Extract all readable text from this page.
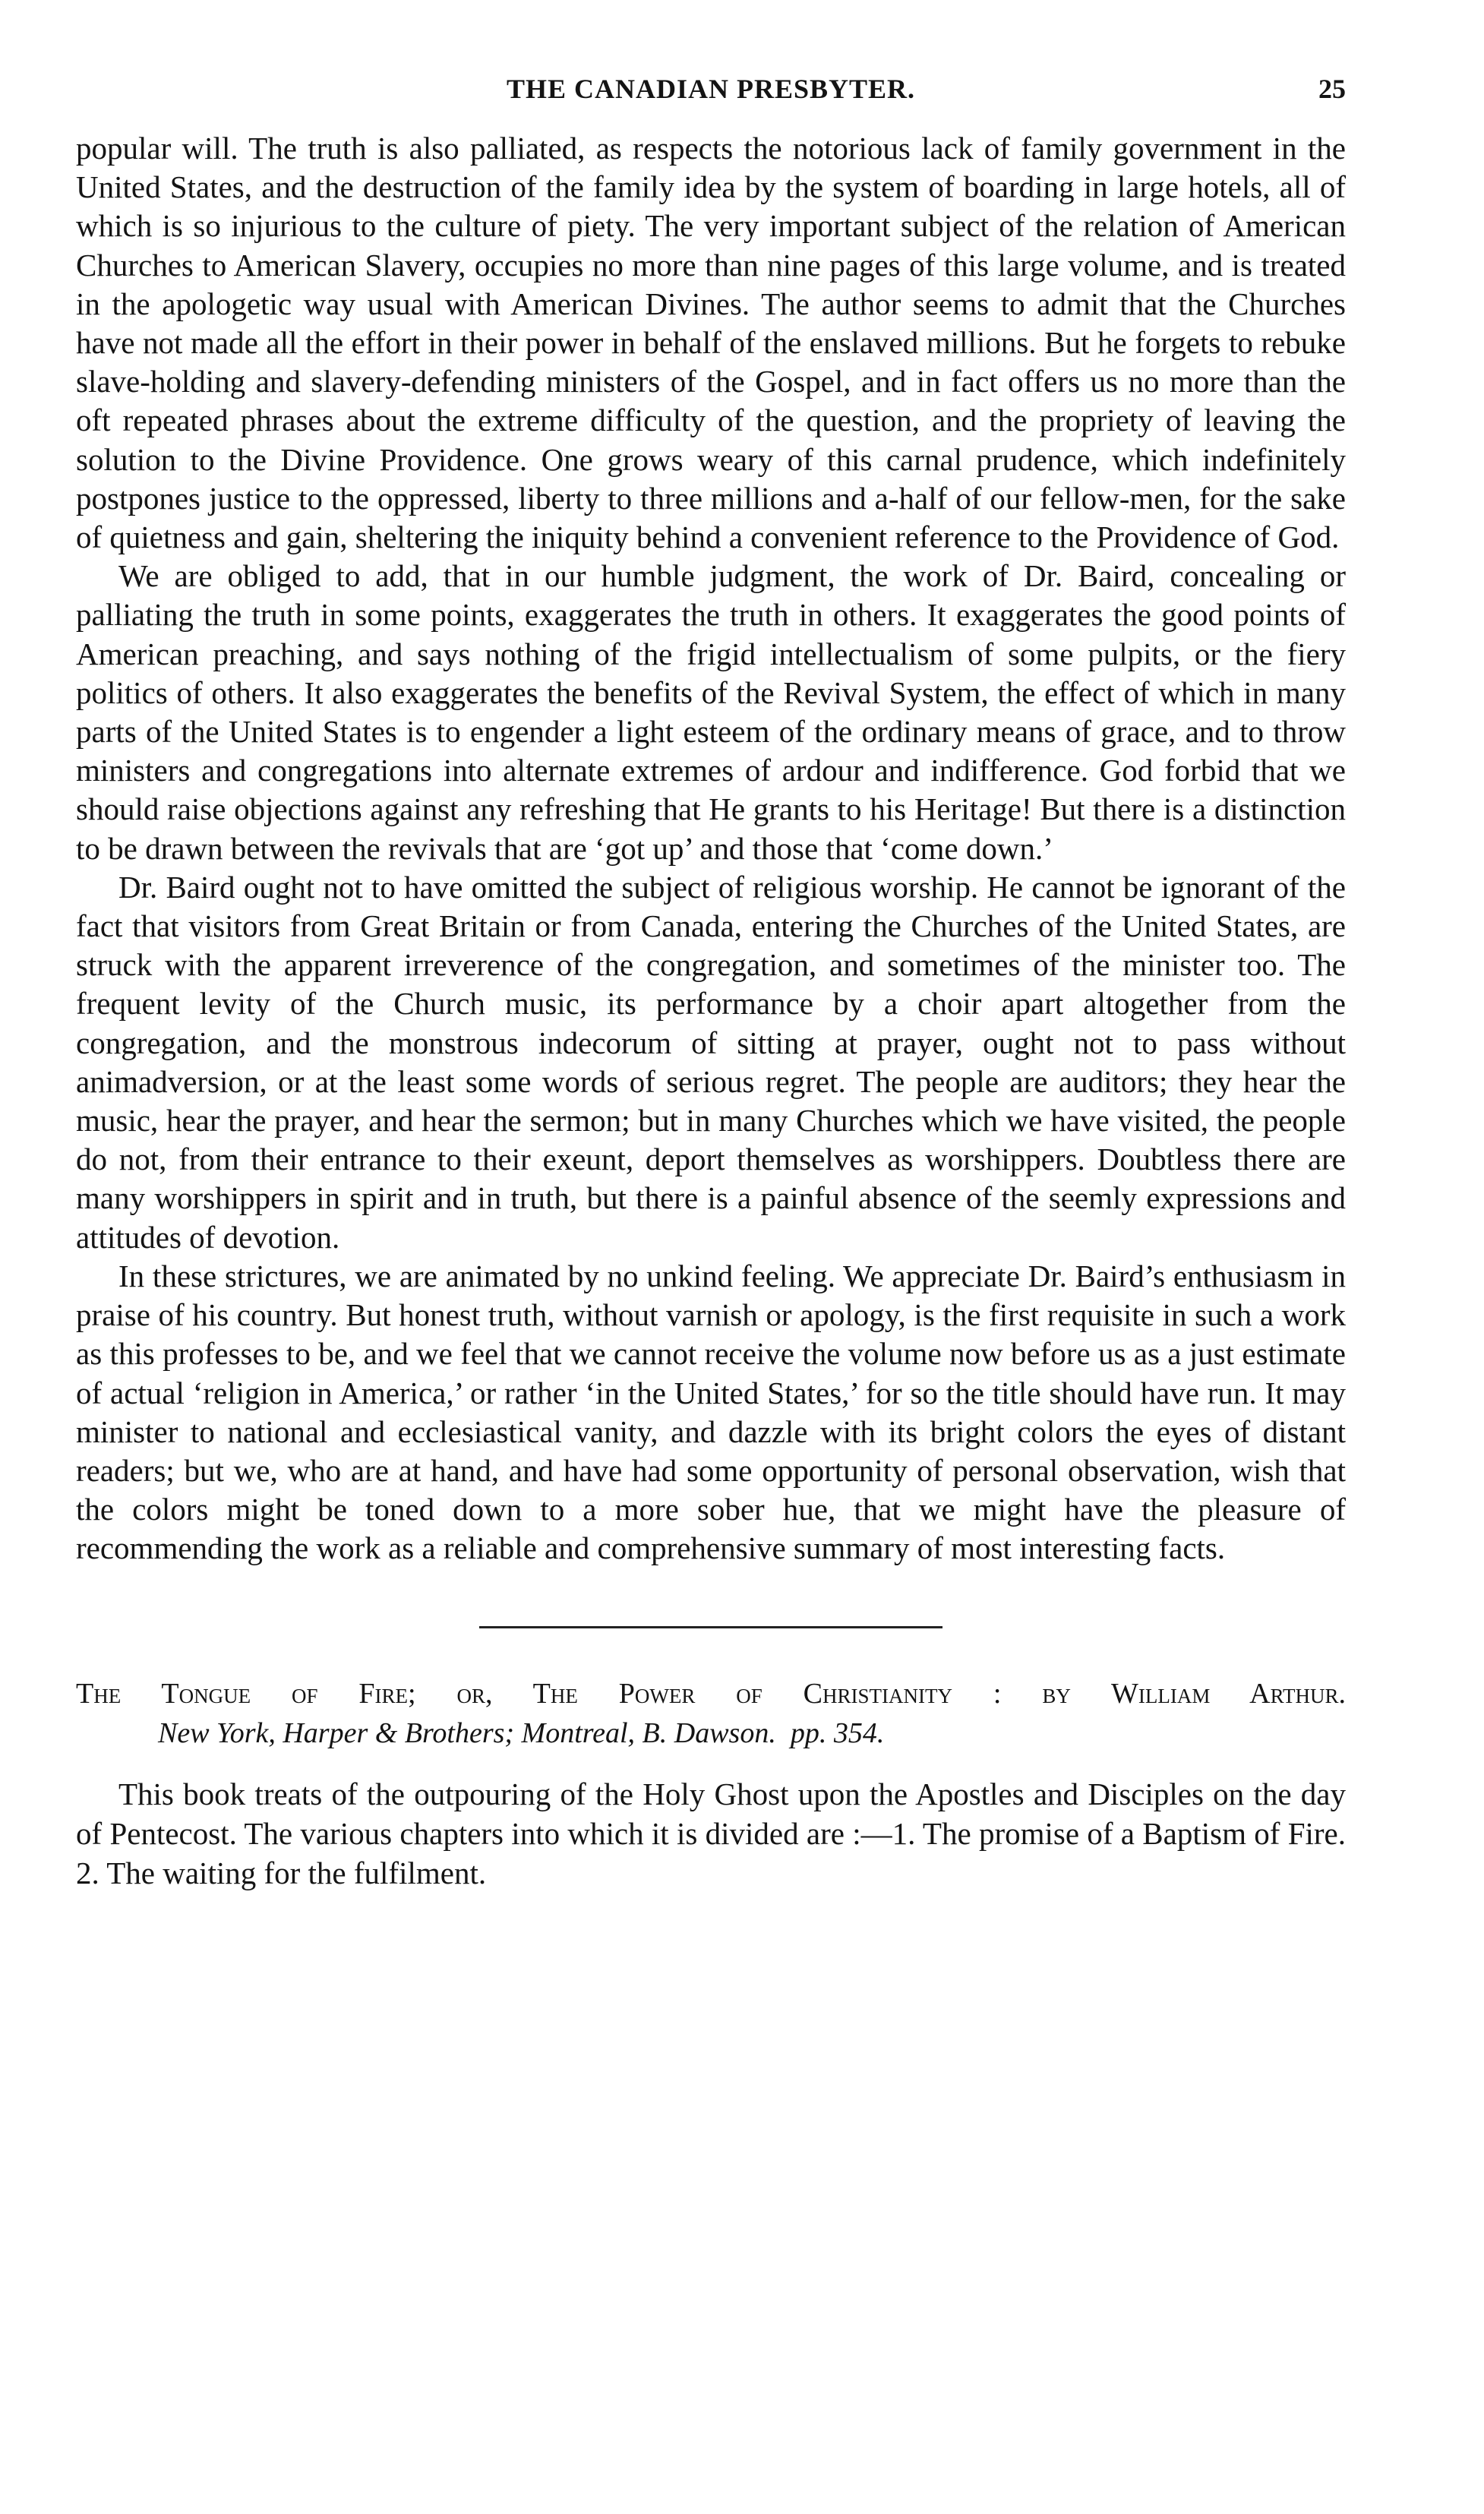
THE CANADIAN PRESBYTER.	25

popular will. The truth is also palliated, as respects the notorious lack of family government in the United States, and the destruction of the family idea by the system of boarding in large hotels, all of which is so injurious to the culture of piety. The very important subject of the relation of American Churches to American Slavery, occupies no more than nine pages of this large volume, and is treated in the apologetic way usual with American Divines. The author seems to admit that the Churches have not made all the effort in their power in behalf of the enslaved millions. But he forgets to rebuke slave-holding and slavery-defending ministers of the Gospel, and in fact offers us no more than the oft repeated phrases about the extreme difficulty of the question, and the propriety of leaving the solution to the Divine Providence. One grows weary of this carnal prudence, which indefinitely postpones justice to the oppressed, liberty to three millions and a-half of our fellow-men, for the sake of quietness and gain, sheltering the iniquity behind a convenient reference to the Providence of God.

We are obliged to add, that in our humble judgment, the work of Dr. Baird, concealing or palliating the truth in some points, exaggerates the truth in others. It exaggerates the good points of American preaching, and says nothing of the frigid intellectualism of some pulpits, or the fiery politics of others. It also exaggerates the benefits of the Revival System, the effect of which in many parts of the United States is to engender a light esteem of the ordinary means of grace, and to throw ministers and congregations into alternate extremes of ardour and indifference. God forbid that we should raise objections against any refreshing that He grants to his Heritage! But there is a distinction to be drawn between the revivals that are ‘got up’ and those that ‘come down.’

Dr. Baird ought not to have omitted the subject of religious worship. He cannot be ignorant of the fact that visitors from Great Britain or from Canada, entering the Churches of the United States, are struck with the apparent irreverence of the congregation, and sometimes of the minister too. The frequent levity of the Church music, its performance by a choir apart altogether from the congregation, and the monstrous indecorum of sitting at prayer, ought not to pass without animadversion, or at the least some words of serious regret. The people are auditors; they hear the music, hear the prayer, and hear the sermon; but in many Churches which we have visited, the people do not, from their entrance to their exeunt, deport themselves as worshippers. Doubtless there are many worshippers in spirit and in truth, but there is a painful absence of the seemly expressions and attitudes of devotion.

In these strictures, we are animated by no unkind feeling. We appreciate Dr. Baird’s enthusiasm in praise of his country. But honest truth, without varnish or apology, is the first requisite in such a work as this professes to be, and we feel that we cannot receive the volume now before us as a just estimate of actual ‘religion in America,’ or rather ‘in the United States,’ for so the title should have run. It may minister to national and ecclesiastical vanity, and dazzle with its bright colors the eyes of distant readers; but we, who are at hand, and have had some opportunity of personal observation, wish that the colors might be toned down to a more sober hue, that we might have the pleasure of recommending the work as a reliable and comprehensive summary of most interesting facts.

The Tongue of Fire; or, The Power of Christianity : by William Arthur.
New York, Harper & Brothers; Montreal, B. Dawson. pp. 354.

This book treats of the outpouring of the Holy Ghost upon the Apostles and Disciples on the day of Pentecost. The various chapters into which it is divided are :—1. The promise of a Baptism of Fire. 2. The waiting for the fulfilment.
